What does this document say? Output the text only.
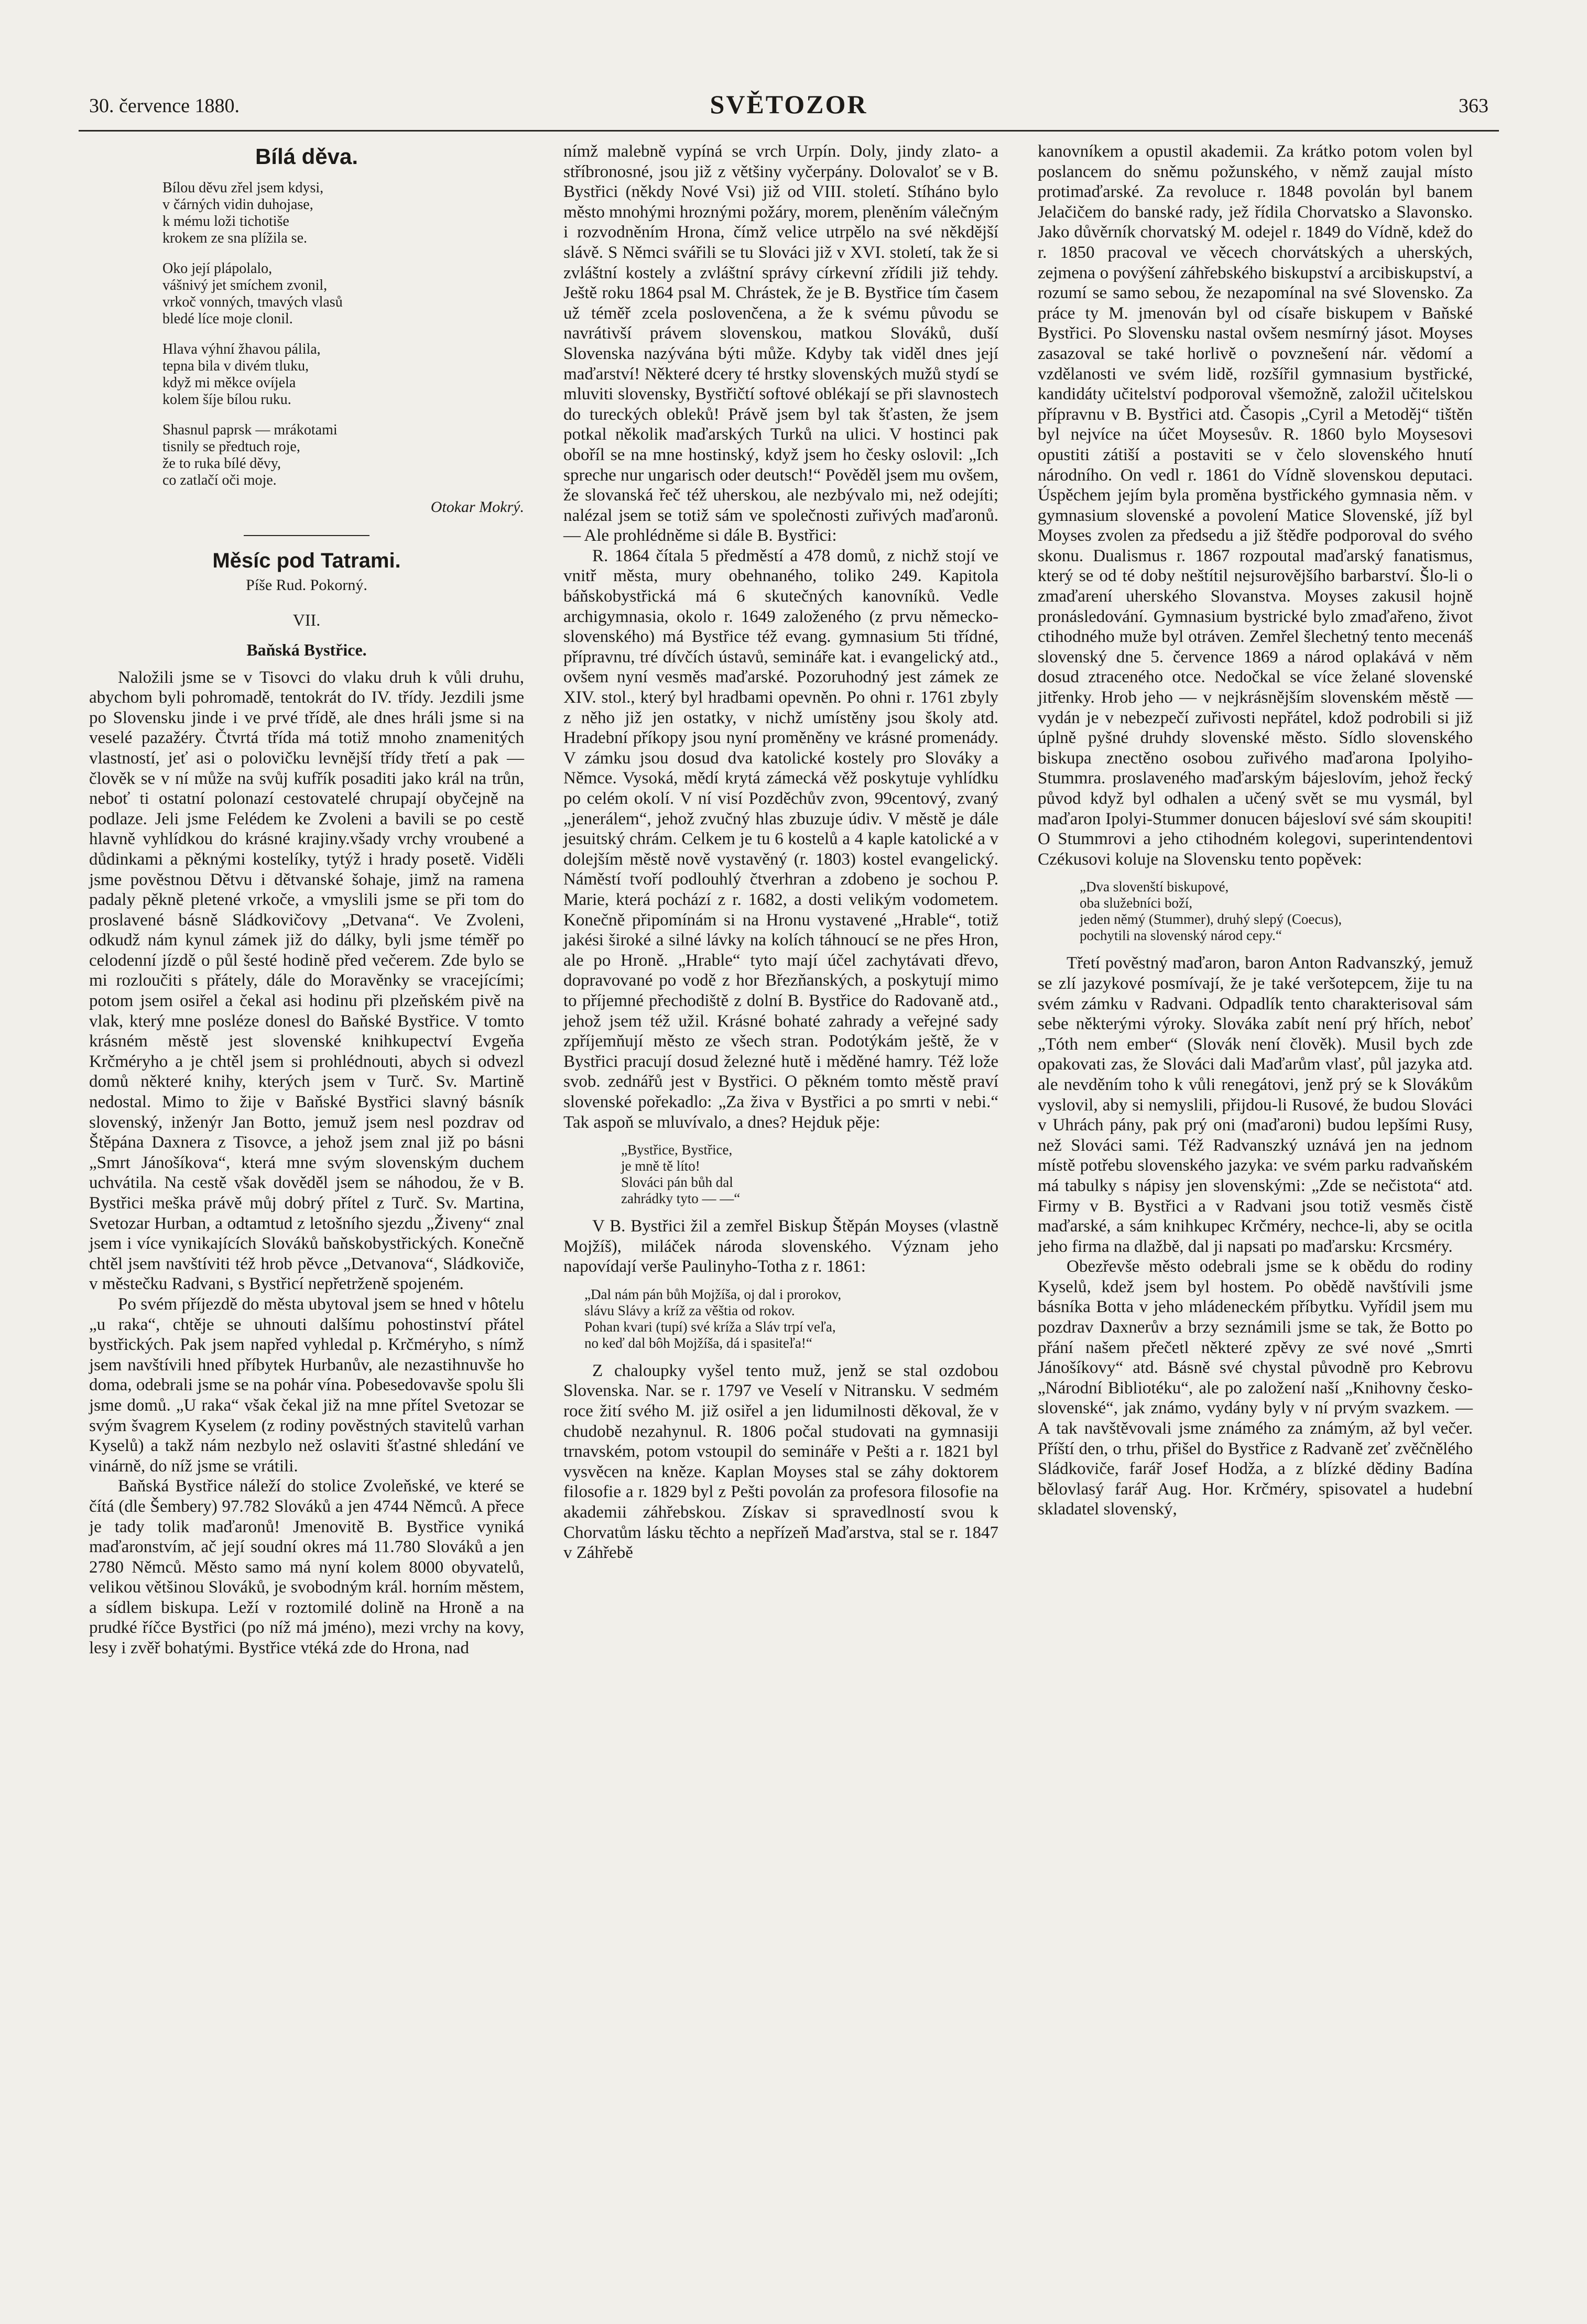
30. července 1880.	SVĚTOZOR	363
Bílá děva.
Bílou děvu zřel jsem kdysi,
v čárných vidin duhojase,
k mému loži tichotiše
krokem ze sna plížila se.
Oko její plápolalo,
vášnivý jet smíchem zvonil,
vrkoč vonných, tmavých vlasů
bledé líce moje clonil.
Hlava výhní žhavou pálila,
tepna bila v divém tluku,
když mi měkce ovíjela
kolem šíje bílou ruku.
Shasnul paprsk — mrákotami
tisnily se předtuch roje,
že to ruka bílé děvy,
co zatlačí oči moje.
Otokar Mokrý.
Měsíc pod Tatrami.
Píše Rud. Pokorný.
VII.
Baňská Bystřice.

Naložili jsme se v Tisovci do vlaku druh k vůli druhu, abychom byli pohromadě, tentokrát do IV. třídy. Jezdili jsme po Slovensku jinde i ve prvé třídě, ale dnes hráli jsme si na veselé pazažéry. Čtvrtá třída má totiž mnoho znamenitých vlastností, jeť asi o polovičku levnější třídy třetí a pak — člověk se v ní může na svůj kufřík posaditi jako král na trůn, neboť ti ostatní polonazí cestovatelé chrupají obyčejně na podlaze. Jeli jsme Felédem ke Zvoleni a bavili se po cestě hlavně vyhlídkou do krásné krajiny.všady vrchy vroubené a důdinkami a pěknými kostelíky, tytýž i hrady posetě. Viděli jsme pověstnou Dětvu i dětvanské šohaje, jimž na ramena padaly pěkně pletené vrkoče, a vmyslili jsme se při tom do proslavené básně Sládkovičovy „Detvana“. Ve Zvoleni, odkudž nám kynul zámek již do dálky, byli jsme téměř po celodenní jízdě o půl šesté hodině před večerem. Zde bylo se mi rozloučiti s přátely, dále do Moravěnky se vracejícími; potom jsem osiřel a čekal asi hodinu při plzeňském pivě na vlak, který mne posléze donesl do Baňské Bystřice. V tomto krásném městě jest slovenské knihkupectví Evgeňa Krčméryho a je chtěl jsem si prohlédnouti, abych si odvezl domů některé knihy, kterých jsem v Turč. Sv. Martině nedostal. Mimo to žije v Baňské Bystřici slavný básník slovenský, inženýr Jan Botto, jemuž jsem nesl pozdrav od Štěpána Daxnera z Tisovce, a jehož jsem znal již po básni „Smrt Jánošíkova“, která mne svým slovenským duchem uchvátila. Na cestě však dověděl jsem se náhodou, že v B. Bystřici meška právě můj dobrý přítel z Turč. Sv. Martina, Svetozar Hurban, a odtamtud z letošního sjezdu „Živeny“ znal jsem i více vynikajících Slováků baňskobystřických. Konečně chtěl jsem navštíviti též hrob pěvce „Detvanova“, Sládkoviče, v městečku Radvani, s Bystřicí nepřetrženě spojeném.

Po svém příjezdě do města ubytoval jsem se hned v hôtelu „u raka“, chtěje se uhnouti dalšímu pohostinství přátel bystřických. Pak jsem napřed vyhledal p. Krčméryho, s nímž jsem navštívili hned příbytek Hurbanův, ale nezastihnuvše ho doma, odebrali jsme se na pohár vína. Pobesedovavše spolu šli jsme domů. „U raka“ však čekal již na mne přítel Svetozar se svým švagrem Kyselem (z rodiny pověstných stavitelů varhan Kyselů) a takž nám nezbylo než oslaviti šťastné shledání ve vinárně, do níž jsme se vrátili.

Baňská Bystřice náleží do stolice Zvoleňské, ve které se čítá (dle Šembery) 97.782 Slováků a jen 4744 Němců. A přece je tady tolik maďaronů! Jmenovitě B. Bystřice vyniká maďaronstvím, ač její soudní okres má 11.780 Slováků a jen 2780 Němců. Město samo má nyní kolem 8000 obyvatelů, velikou většinou Slováků, je svobodným král. horním městem, a sídlem biskupa. Leží v roztomilé dolině na Hroně a na prudké říčce Bystřici (po níž má jméno), mezi vrchy na kovy, lesy i zvěř bohatými. Bystřice vtéká zde do Hrona, nad

nímž malebně vypíná se vrch Urpín. Doly, jindy zlato- a stříbronosné, jsou již z většiny vyčerpány. Dolovaloť se v B. Bystřici (někdy Nové Vsi) již od VIII. století. Stíháno bylo město mnohými hroznými požáry, morem, pleněním válečným i rozvodněním Hrona, čímž velice utrpělo na své někdější slávě. S Němci svářili se tu Slováci již v XVI. století, tak že si zvláštní kostely a zvláštní správy církevní zřídili již tehdy. Ještě roku 1864 psal M. Chrástek, že je B. Bystřice tím časem už téměř zcela poslovenčena, a že k svému původu se navrátivší právem slovenskou, matkou Slováků, duší Slovenska nazývána býti může. Kdyby tak viděl dnes její maďarství! Některé dcery té hrstky slovenských mužů stydí se mluviti slovensky, Bystřičtí softové oblékají se při slavnostech do tureckých obleků! Právě jsem byl tak šťasten, že jsem potkal několik maďarských Turků na ulici. V hostinci pak oboříl se na mne hostinský, když jsem ho česky oslovil: „Ich spreche nur ungarisch oder deutsch!“ Pověděl jsem mu ovšem, že slovanská řeč též uherskou, ale nezbývalo mi, než odejíti; nalézal jsem se totiž sám ve společnosti zuřivých maďaronů. — Ale prohlédněme si dále B. Bystřici:

R. 1864 čítala 5 předměstí a 478 domů, z nichž stojí ve vnitř města, mury obehnaného, toliko 249. Kapitola báňskobystřická má 6 skutečných kanovníků. Vedle archigymnasia, okolo r. 1649 založeného (z prvu německo-slovenského) má Bystřice též evang. gymnasium 5ti třídné, přípravnu, tré dívčích ústavů, semináře kat. i evangelický atd., ovšem nyní vesměs maďarské. Pozoruhodný jest zámek ze XIV. stol., který byl hradbami opevněn. Po ohni r. 1761 zbyly z něho již jen ostatky, v nichž umístěny jsou školy atd. Hradební příkopy jsou nyní proměněny ve krásné promenády. V zámku jsou dosud dva katolické kostely pro Slováky a Němce. Vysoká, mědí krytá zámecká věž poskytuje vyhlídku po celém okolí. V ní visí Pozděchův zvon, 99centový, zvaný „jenerálem“, jehož zvučný hlas zbuzuje údiv. V městě je dále jesuitský chrám. Celkem je tu 6 kostelů a 4 kaple katolické a v dolejším městě nově vystavěný (r. 1803) kostel evangelický. Náměstí tvoří podlouhlý čtverhran a zdobeno je sochou P. Marie, která pochází z r. 1682, a dosti velikým vodometem. Konečně připomínám si na Hronu vystavené „Hrable“, totiž jakési široké a silné lávky na kolích táhnoucí se ne přes Hron, ale po Hroně. „Hrable“ tyto mají účel zachytávati dřevo, dopravované po vodě z hor Březňanských, a poskytují mimo to příjemné přechodiště z dolní B. Bystřice do Radovaně atd., jehož jsem též užil. Krásné bohaté zahrady a veřejné sady zpříjemňují město ze všech stran. Podotýkám ještě, že v Bystřici pracují dosud železné hutě i měděné hamry. Též lože svob. zednářů jest v Bystřici. O pěkném tomto městě praví slovenské pořekadlo: „Za živa v Bystřici a po smrti v nebi.“ Tak aspoň se mluvívalo, a dnes? Hejduk pěje:

„Bystřice, Bystřice,
je mně tě líto!
Slováci pán bůh dal
zahrádky tyto — —“

V B. Bystřici žil a zemřel Biskup Štěpán Moyses (vlastně Mojžíš), miláček národa slovenského. Význam jeho napovídají verše Paulinyho-Totha z r. 1861:

„Dal nám pán bůh Mojžíša, oj dal i prorokov,
slávu Slávy a kríž za věštia od rokov.
Pohan kvari (tupí) své kríža a Sláv trpí veľa,
no keď dal bôh Mojžíša, dá i spasiteľa!“

Z chaloupky vyšel tento muž, jenž se stal ozdobou Slovenska. Nar. se r. 1797 ve Veselí v Nitransku. V sedmém roce žití svého M. již osiřel a jen lidumilnosti děkoval, že v chudobě nezahynul. R. 1806 počal studovati na gymnasiji trnavském, potom vstoupil do semináře v Pešti a r. 1821 byl vysvěcen na kněze. Kaplan Moyses stal se záhy doktorem filosofie a r. 1829 byl z Pešti povolán za profesora filosofie na akademii záhřebskou. Získav si spravedlností svou k Chorvatům lásku těchto a nepřízeň Maďarstva, stal se r. 1847 v Záhřebě

kanovníkem a opustil akademii. Za krátko potom volen byl poslancem do sněmu požunského, v němž zaujal místo protimaďarské. Za revoluce r. 1848 povolán byl banem Jelačičem do banské rady, jež řídila Chorvatsko a Slavonsko. Jako důvěrník chorvatský M. odejel r. 1849 do Vídně, kdež do r. 1850 pracoval ve věcech chorvátských a uherských, zejmena o povýšení záhřebského biskupství a arcibiskupství, a rozumí se samo sebou, že nezapomínal na své Slovensko. Za práce ty M. jmenován byl od císaře biskupem v Baňské Bystřici. Po Slovensku nastal ovšem nesmírný jásot. Moyses zasazoval se také horlivě o povznešení nár. vědomí a vzdělanosti ve svém lidě, rozšířil gymnasium bystřické, kandidáty učitelství podporoval všemožně, založil učitelskou přípravnu v B. Bystřici atd. Časopis „Cyril a Metoděj“ tištěn byl nejvíce na účet Moysesův. R. 1860 bylo Moysesovi opustiti zátiší a postaviti se v čelo slovenského hnutí národního. On vedl r. 1861 do Vídně slovenskou deputaci. Úspěchem jejím byla proměna bystřického gymnasia něm. v gymnasium slovenské a povolení Matice Slovenské, jíž byl Moyses zvolen za předsedu a již štědře podporoval do svého skonu. Dualismus r. 1867 rozpoutal maďarský fanatismus, který se od té doby neštítil nejsurovějšího barbarství. Šlo-li o zmaďarení uherského Slovanstva. Moyses zakusil hojně pronásledování. Gymnasium bystrické bylo zmaďařeno, život ctihodného muže byl otráven. Zemřel šlechetný tento mecenáš slovenský dne 5. července 1869 a národ oplakává v něm dosud ztraceného otce. Nedočkal se více želané slovenské jitřenky. Hrob jeho — v nejkrásnějším slovenském městě — vydán je v nebezpečí zuřivosti nepřátel, kdož podrobili si již úplně pyšné druhdy slovenské město. Sídlo slovenského biskupa znectěno osobou zuřivého maďarona Ipolyiho-Stummra. proslaveného maďarským bájeslovím, jehož řecký původ když byl odhalen a učený svět se mu vysmál, byl maďaron Ipolyi-Stummer donucen bájesloví své sám skoupiti! O Stummrovi a jeho ctihodném kolegovi, superintendentovi Czékusovi koluje na Slovensku tento popěvek:

„Dva slovenští biskupové,
oba služebníci boží,
jeden němý (Stummer), druhý slepý (Coecus),
pochytili na slovenský národ cepy.“

Třetí pověstný maďaron, baron Anton Radvanszký, jemuž se zlí jazykové posmívají, že je také veršotepcem, žije tu na svém zámku v Radvani. Odpadlík tento charakterisoval sám sebe některými výroky. Slováka zabít není prý hřích, neboť „Tóth nem ember“ (Slovák není člověk). Musil bych zde opakovati zas, že Slováci dali Maďarům vlasť, půl jazyka atd. ale nevděním toho k vůli renegátovi, jenž prý se k Slovákům vyslovil, aby si nemyslili, přijdou-li Rusové, že budou Slováci v Uhrách pány, pak prý oni (maďaroni) budou lepšími Rusy, než Slováci sami. Též Radvanszký uznává jen na jednom místě potřebu slovenského jazyka: ve svém parku radvaňském má tabulky s nápisy jen slovenskými: „Zde se nečistota“ atd. Firmy v B. Bystřici a v Radvani jsou totiž vesměs čistě maďarské, a sám knihkupec Krčméry, nechce-li, aby se ocitla jeho firma na dlažbě, dal ji napsati po maďarsku: Krcsméry.

Obezřevše město odebrali jsme se k obědu do rodiny Kyselů, kdež jsem byl hostem. Po obědě navštívili jsme básníka Botta v jeho mládeneckém příbytku. Vyřídil jsem mu pozdrav Daxnerův a brzy seznámili jsme se tak, že Botto po přání našem přečetl některé zpěvy ze své nové „Smrti Jánošíkovy“ atd. Básně své chystal původně pro Kebrovu „Národní Bibliotéku“, ale po založení naší „Knihovny česko-slovenské“, jak známo, vydány byly v ní prvým svazkem. — A tak navštěvovali jsme známého za známým, až byl večer. Příští den, o trhu, přišel do Bystřice z Radvaně zeť zvěčnělého Sládkoviče, farář Josef Hodža, a z blízké dědiny Badína bělovlasý farář Aug. Hor. Krčméry, spisovatel a hudební skladatel slovenský,
